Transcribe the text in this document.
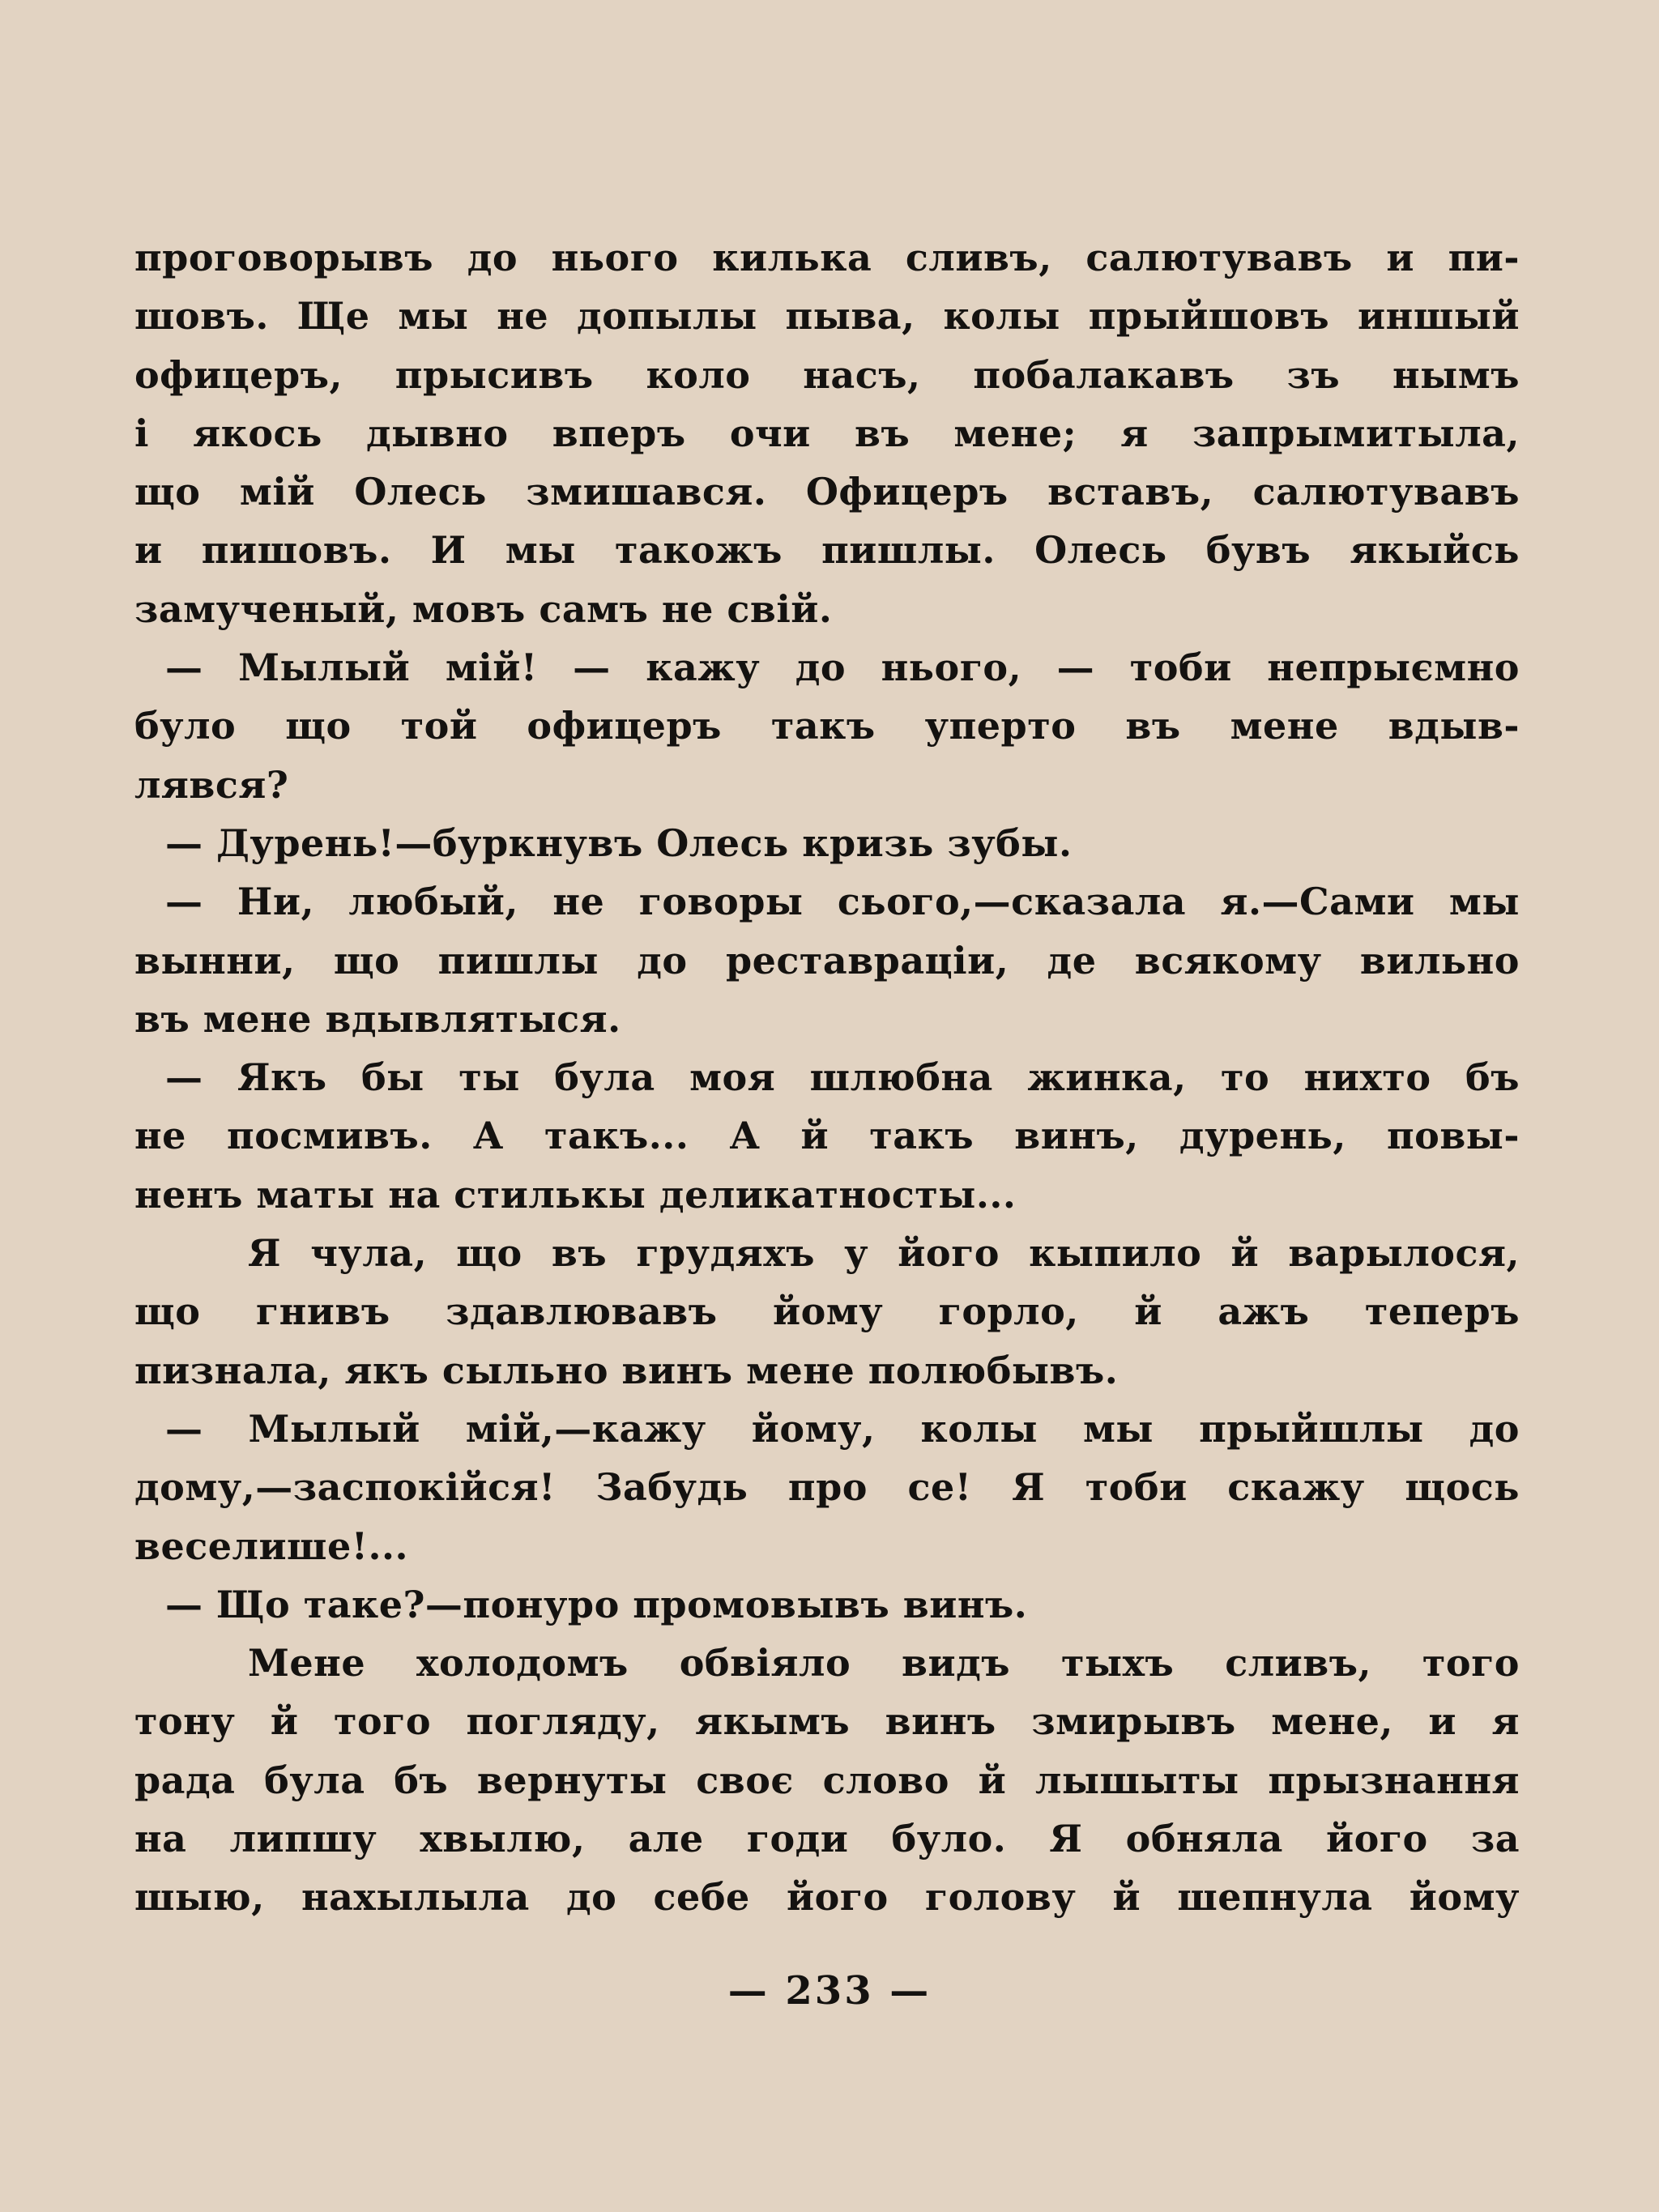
проговорывъ до нього килька сливъ, салютувавъ и пи-
шовъ. Ще мы не допылы пыва, колы прыйшовъ иншый
офицеръ, прысивъ коло насъ, побалакавъ зъ нымъ
і якось дывно вперъ очи въ мене; я запрымитыла,
що мій Олесь змишався. Офицеръ вставъ, салютувавъ
и пишовъ. И мы такожъ пишлы. Олесь бувъ якыйсь
замученый, мовъ самъ не свій.
— Мылый мій! — кажу до нього, — тоби непрыємно
було що той офицеръ такъ уперто въ мене вдыв-
лявся?
— Дурень!—буркнувъ Олесь кризь зубы.
— Ни, любый, не говоры сього,—сказала я.—Сами мы
вынни, що пишлы до реставраціи, де всякому вильно
въ мене вдывлятыся.
— Якъ бы ты була моя шлюбна жинка, то нихто бъ
не посмивъ. А такъ... А й такъ винъ, дурень, повы-
ненъ маты на стилькы деликатносты...
Я чула, що въ грудяхъ у його кыпило й варылося,
що гнивъ здавлювавъ йому горло, й ажъ теперъ
пизнала, якъ сыльно винъ мене полюбывъ.
— Мылый мій,—кажу йому, колы мы прыйшлы до
дому,—заспокійся! Забудь про се! Я тоби скажу щось
веселише!...
— Що таке?—понуро промовывъ винъ.
Мене холодомъ обвіяло видъ тыхъ сливъ, того
тону й того погляду, якымъ винъ змирывъ мене, и я
рада була бъ вернуты своє слово й лышыты прызнання
на липшу хвылю, але годи було. Я обняла його за
шыю, нахылыла до себе його голову й шепнула йому
— 233 —
